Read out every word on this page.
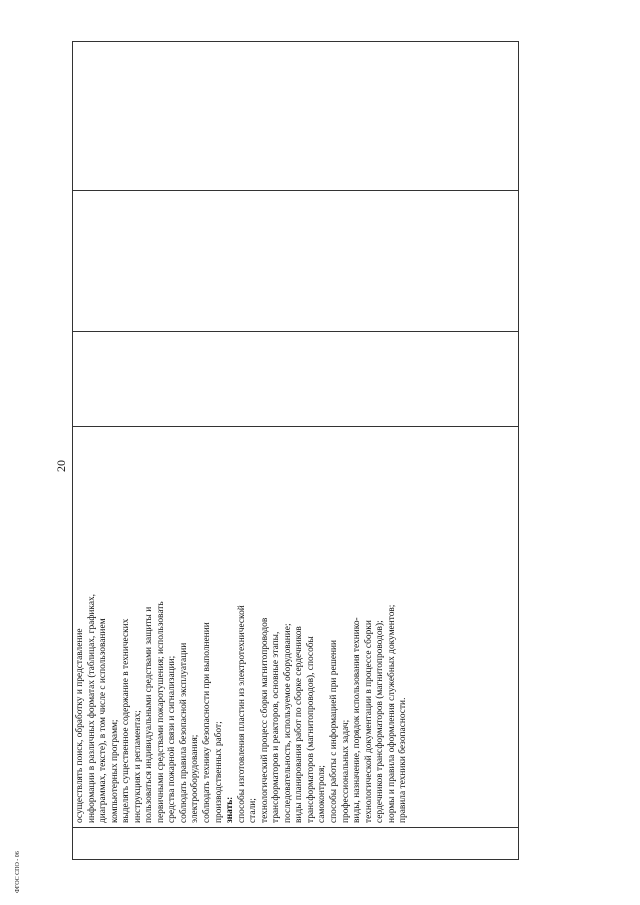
20

осуществлять поиск, обработку и представление информации в различных форматах (таблицах, графиках, диаграммах, тексте), в том числе с использованием компьютерных программ; выделять существенное содержание в технических инструкциях и регламентах; пользоваться индивидуальными средствами защиты и первичными средствами пожаротушения; использовать средства пожарной связи и сигнализации; соблюдать правила безопасной эксплуатации электрооборудования; соблюдать технику безопасности при выполнении производственных работ; знать: способы изготовления пластин из электротехнической стали; технологический процесс сборки магнитопроводов трансформаторов и реакторов, основные этапы, последовательность, используемое оборудование; виды планирования работ по сборке сердечников трансформаторов (магнитопроводов), способы самоконтроля; способы работы с информацией при решении профессиональных задач; виды, назначение, порядок использования технико- технологической документации в процессе сборки сердечников трансформаторов (магнитопроводов); нормы и правила оформления служебных документов; правила техники безопасности.

ФГОС СПО - 06
